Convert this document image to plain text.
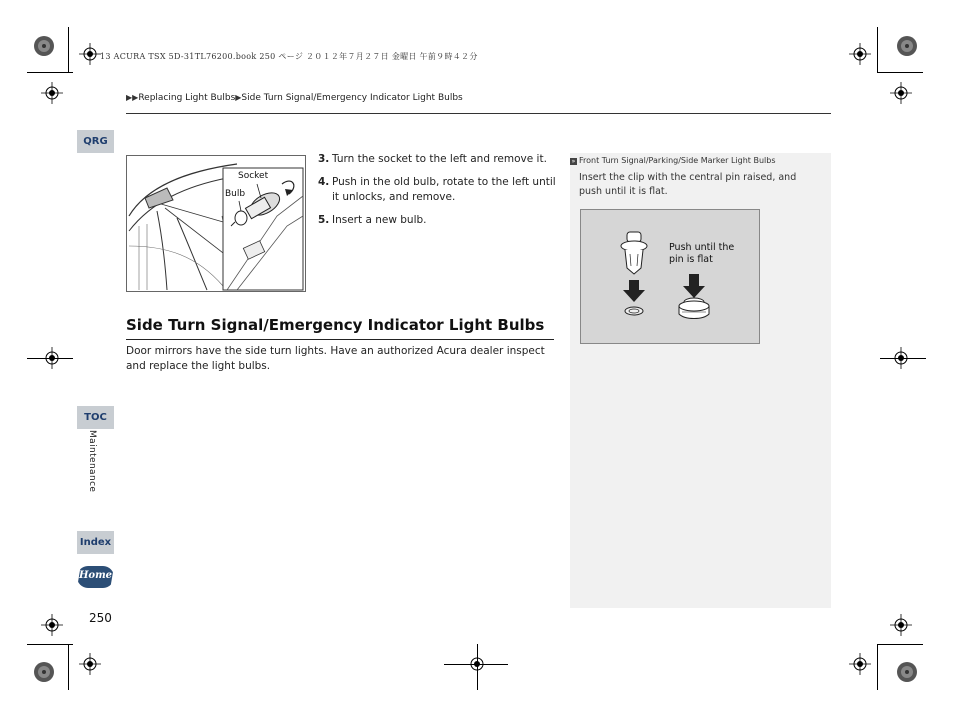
13 ACURA TSX 5D-31TL76200.book 250 ページ ２０１２年７月２７日 金曜日 午前９時４２分
▶▶Replacing Light Bulbs▶Side Turn Signal/Emergency Indicator Light Bulbs
QRG
TOC
Maintenance
Index
Home
250
Socket
Bulb
3. Turn the socket to the left and remove it.
4. Push in the old bulb, rotate to the left until it unlocks, and remove.
5. Insert a new bulb.
Side Turn Signal/Emergency Indicator Light Bulbs
Door mirrors have the side turn lights. Have an authorized Acura dealer inspect and replace the light bulbs.
» Front Turn Signal/Parking/Side Marker Light Bulbs
Insert the clip with the central pin raised, and push until it is flat.
Push until the pin is flat
